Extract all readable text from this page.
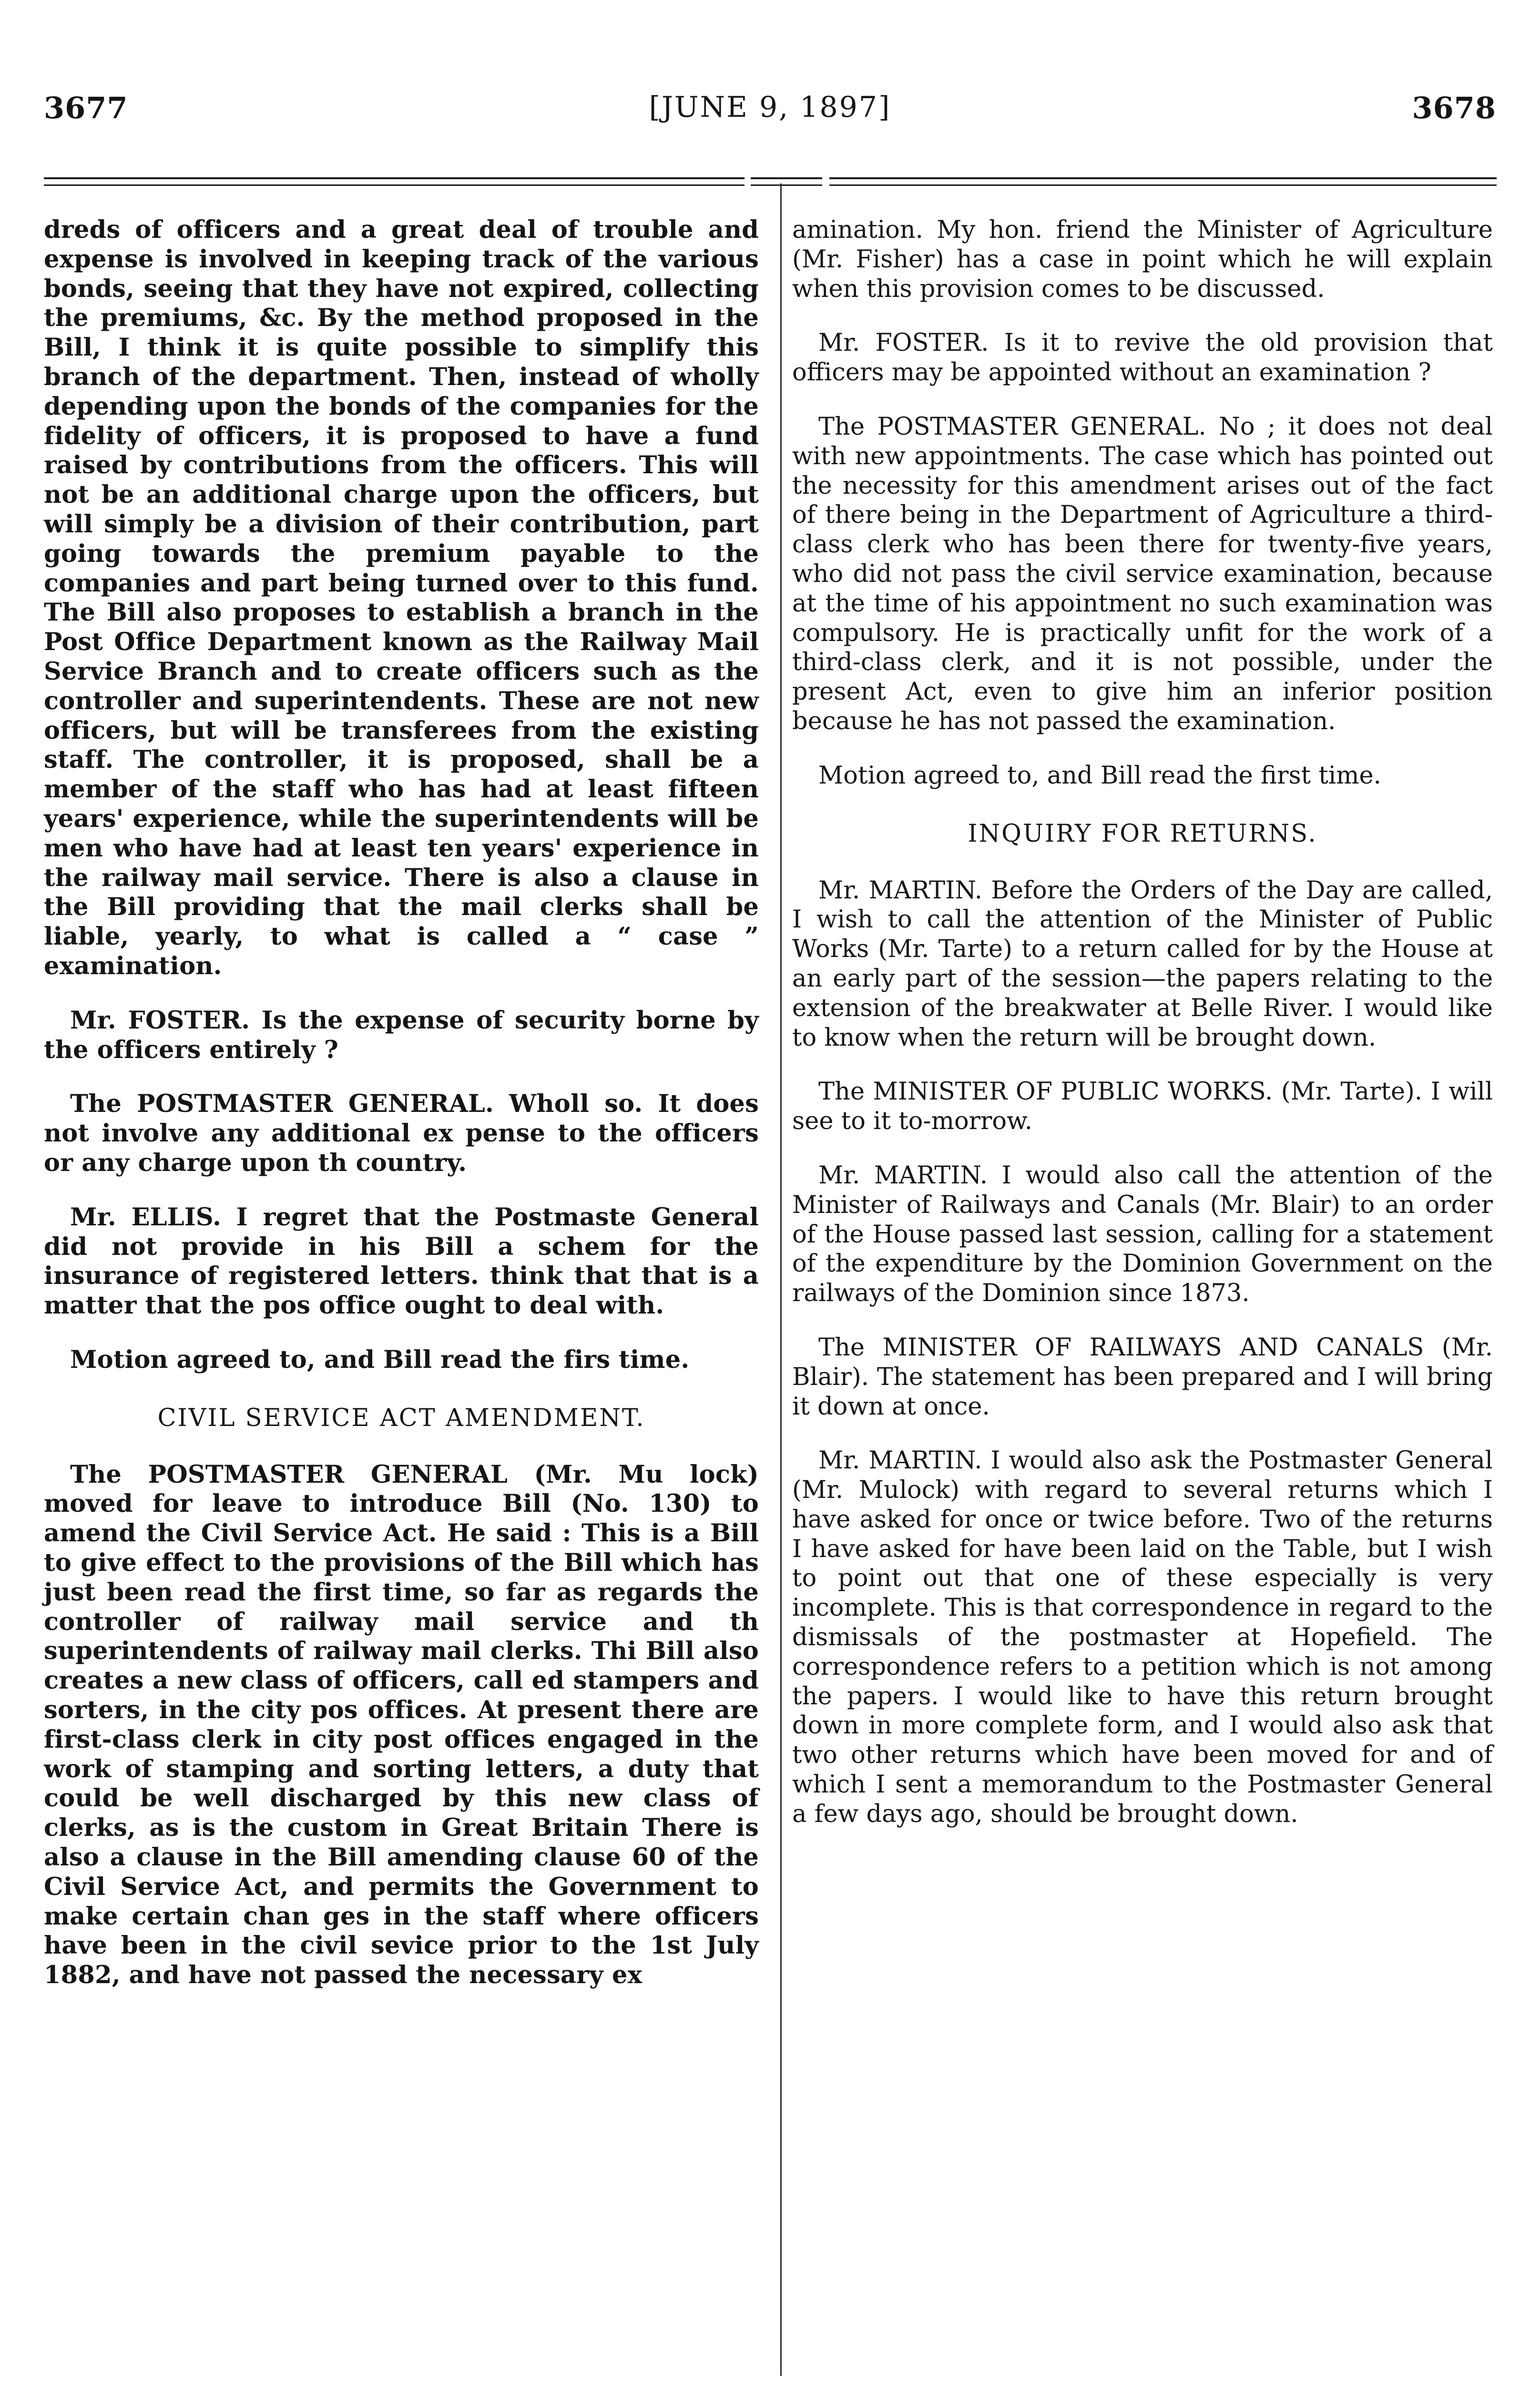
[JUNE 9, 1897]
3677	3678

dreds of officers and a great deal of trouble and expense is involved in keeping track of the various bonds, seeing that they have not expired, collecting the premiums, &c. By the method proposed in the Bill, I think it is quite possible to simplify this branch of the department. Then, instead of wholly depending upon the bonds of the companies for the fidelity of officers, it is proposed to have a fund raised by contributions from the officers. This will not be an additional charge upon the officers, but will simply be a division of their contribution, part going towards the premium payable to the companies and part being turned over to this fund. The Bill also proposes to establish a branch in the Post Office Department known as the Railway Mail Service Branch and to create officers such as the controller and superintendents. These are not new officers, but will be transferees from the existing staff. The controller, it is proposed, shall be a member of the staff who has had at least fifteen years' experience, while the superintendents will be men who have had at least ten years' experience in the railway mail service. There is also a clause in the Bill providing that the mail clerks shall be liable, yearly, to what is called a “ case ” examination.

Mr. FOSTER. Is the expense of security borne by the officers entirely ?

The POSTMASTER GENERAL. Wholl so. It does not involve any additional ex pense to the officers or any charge upon th country.

Mr. ELLIS. I regret that the Postmaste General did not provide in his Bill a schem for the insurance of registered letters. think that that is a matter that the pos office ought to deal with.

Motion agreed to, and Bill read the firs time.

CIVIL SERVICE ACT AMENDMENT.

The POSTMASTER GENERAL (Mr. Mu lock) moved for leave to introduce Bill (No. 130) to amend the Civil Service Act. He said : This is a Bill to give effect to the provisions of the Bill which has just been read the first time, so far as regards the controller of railway mail service and th superintendents of railway mail clerks. Thi Bill also creates a new class of officers, call ed stampers and sorters, in the city pos offices. At present there are first-class clerk in city post offices engaged in the work of stamping and sorting letters, a duty that could be well discharged by this new class of clerks, as is the custom in Great Britain There is also a clause in the Bill amending clause 60 of the Civil Service Act, and permits the Government to make certain chan ges in the staff where officers have been in the civil sevice prior to the 1st July 1882, and have not passed the necessary ex

amination. My hon. friend the Minister of Agriculture (Mr. Fisher) has a case in point which he will explain when this provision comes to be discussed.

Mr. FOSTER. Is it to revive the old provision that officers may be appointed without an examination ?

The POSTMASTER GENERAL. No ; it does not deal with new appointments. The case which has pointed out the necessity for this amendment arises out of the fact of there being in the Department of Agriculture a third-class clerk who has been there for twenty-five years, who did not pass the civil service examination, because at the time of his appointment no such examination was compulsory. He is practically unfit for the work of a third-class clerk, and it is not possible, under the present Act, even to give him an inferior position because he has not passed the examination.

Motion agreed to, and Bill read the first time.

INQUIRY FOR RETURNS.

Mr. MARTIN. Before the Orders of the Day are called, I wish to call the attention of the Minister of Public Works (Mr. Tarte) to a return called for by the House at an early part of the session—the papers relating to the extension of the breakwater at Belle River. I would like to know when the return will be brought down.

The MINISTER OF PUBLIC WORKS. (Mr. Tarte). I will see to it to-morrow.

Mr. MARTIN. I would also call the attention of the Minister of Railways and Canals (Mr. Blair) to an order of the House passed last session, calling for a statement of the expenditure by the Dominion Government on the railways of the Dominion since 1873.

The MINISTER OF RAILWAYS AND CANALS (Mr. Blair). The statement has been prepared and I will bring it down at once.

Mr. MARTIN. I would also ask the Postmaster General (Mr. Mulock) with regard to several returns which I have asked for once or twice before. Two of the returns I have asked for have been laid on the Table, but I wish to point out that one of these especially is very incomplete. This is that correspondence in regard to the dismissals of the postmaster at Hopefield. The correspondence refers to a petition which is not among the papers. I would like to have this return brought down in more complete form, and I would also ask that two other returns which have been moved for and of which I sent a memorandum to the Postmaster General a few days ago, should be brought down.
